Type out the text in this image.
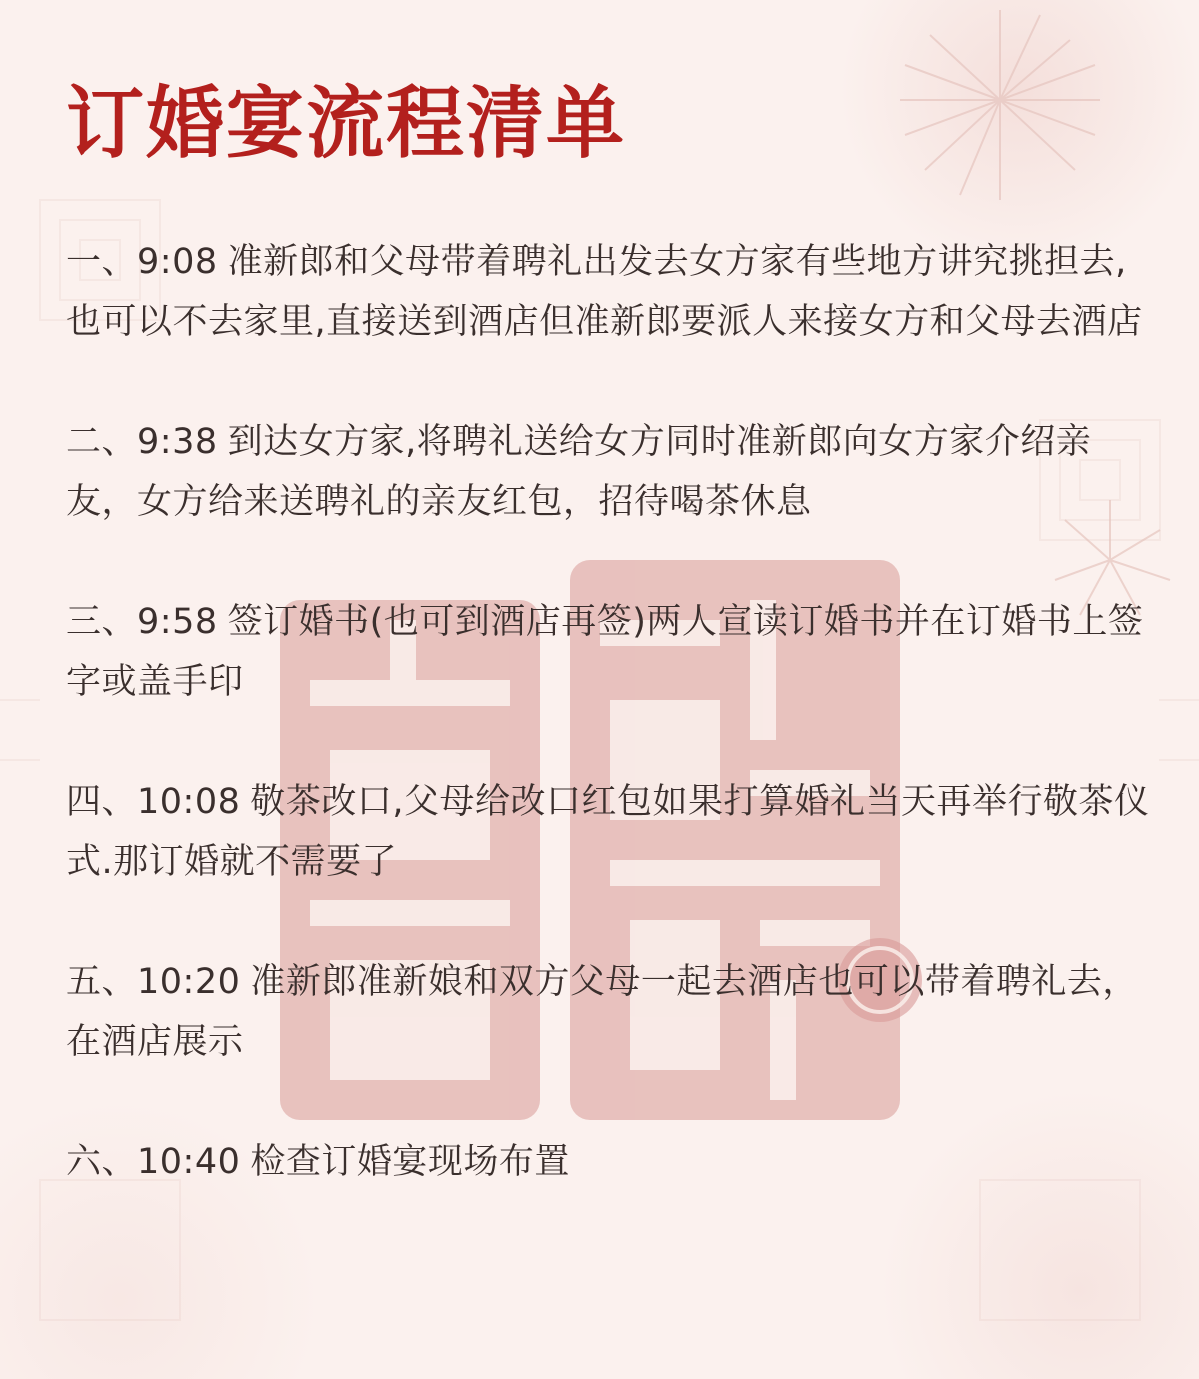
订婚宴流程清单
一、9:08 准新郎和父母带着聘礼出发去女方家有些地方讲究挑担去,也可以不去家里,直接送到酒店但准新郎要派人来接女方和父母去酒店
二、9:38 到达女方家,将聘礼送给女方同时准新郎向女方家介绍亲友，女方给来送聘礼的亲友红包，招待喝茶休息
三、9:58 签订婚书(也可到酒店再签)两人宣读订婚书并在订婚书上签字或盖手印
四、10:08 敬茶改口,父母给改口红包如果打算婚礼当天再举行敬茶仪式.那订婚就不需要了
五、10:20 准新郎准新娘和双方父母一起去酒店也可以带着聘礼去，在酒店展示
六、10:40 检查订婚宴现场布置
